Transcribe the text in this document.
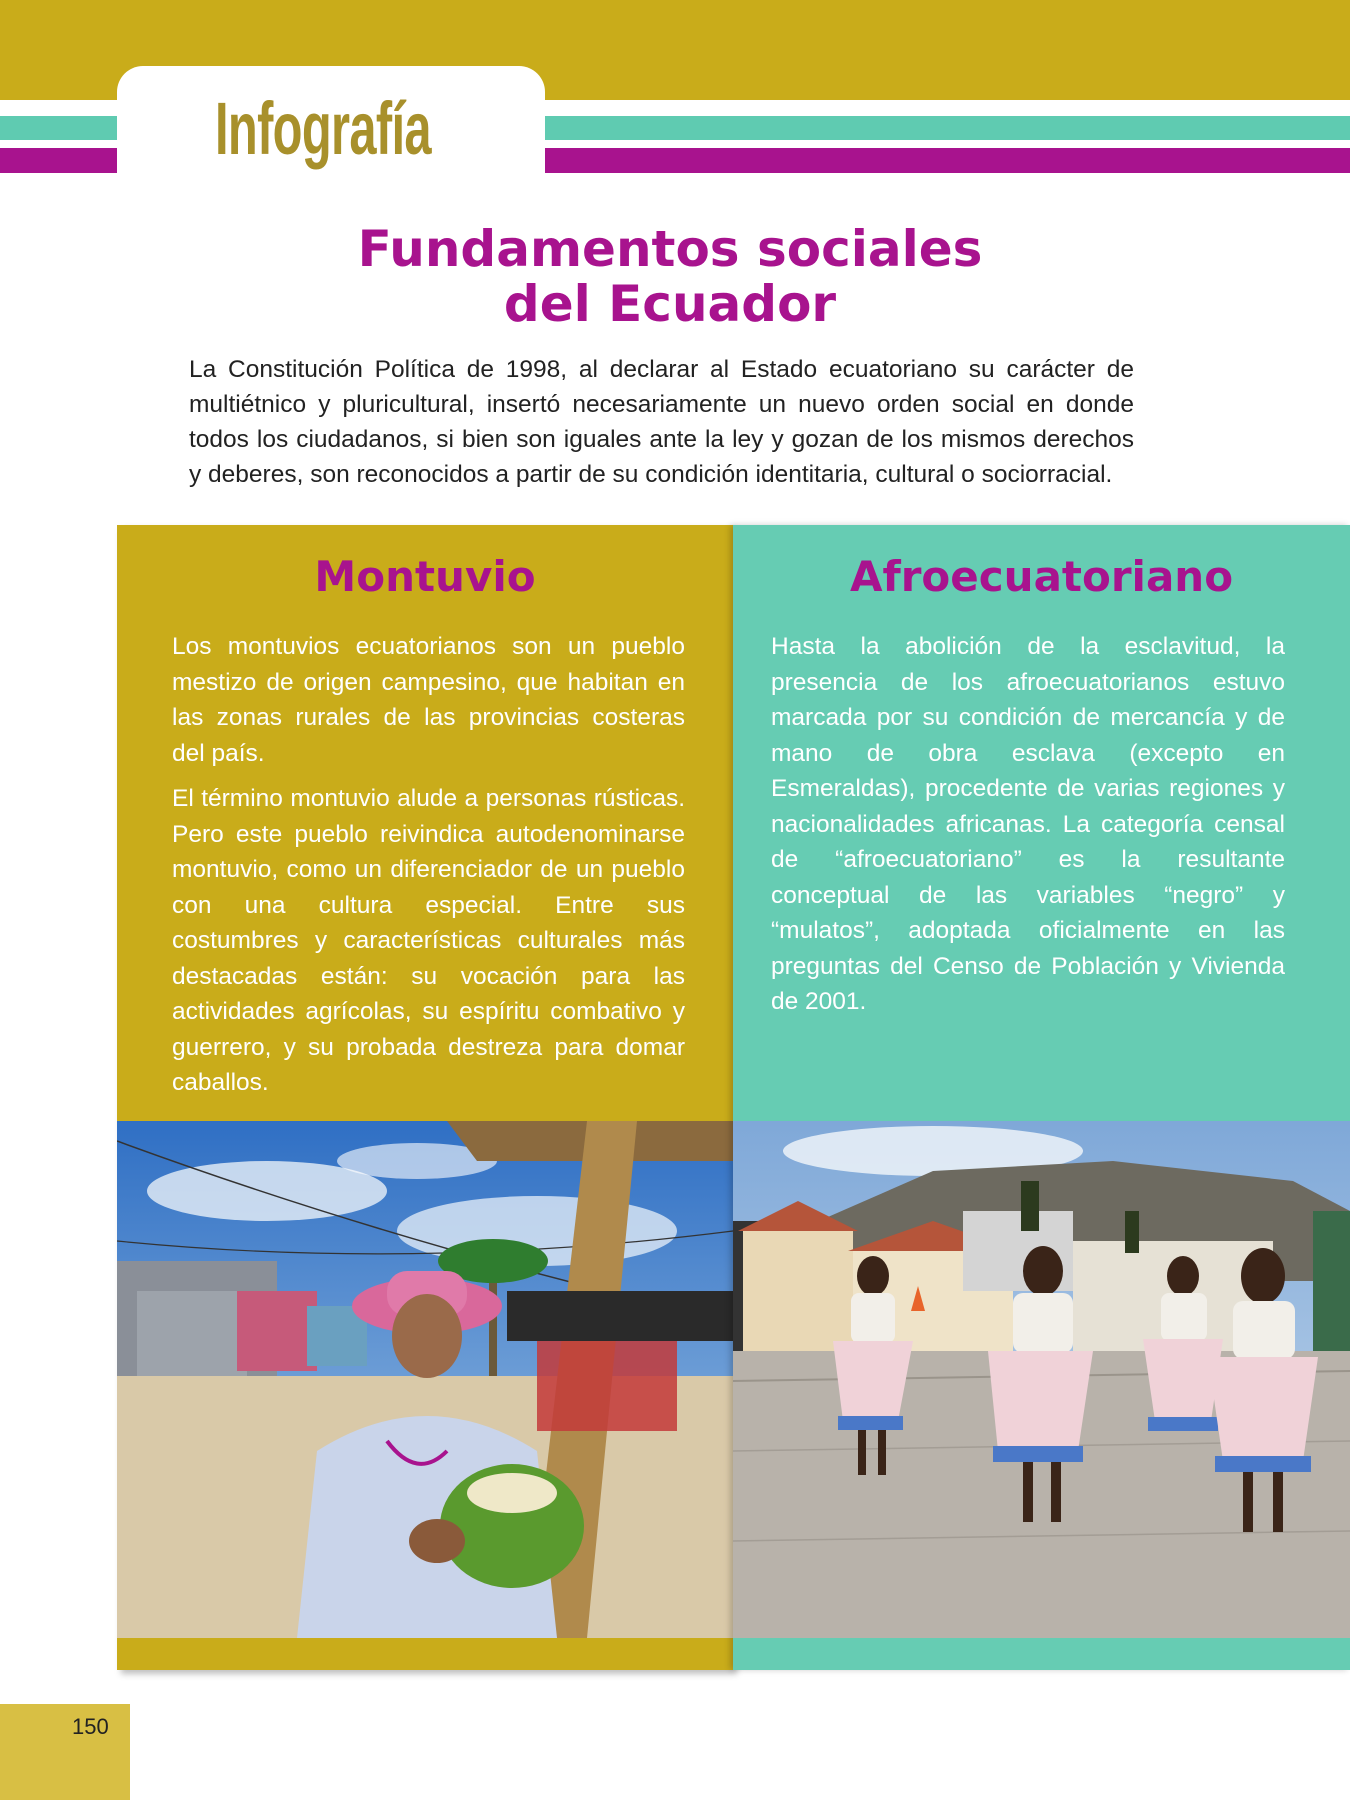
Infografía
Fundamentos sociales
del Ecuador
La Constitución Política de 1998, al declarar al Estado ecuatoriano su carácter de multiétnico y pluricultural, insertó necesariamente un nuevo orden social en donde todos los ciudadanos, si bien son iguales ante la ley y gozan de los mismos derechos y deberes, son reconocidos a partir de su condición identitaria, cultural o sociorracial.
Montuvio

Los montuvios ecuatorianos son un pueblo mestizo de origen campesino, que habitan en las zonas rurales de las provincias costeras del país.

El término montuvio alude a personas rústicas. Pero este pueblo reivindica autodenominarse montuvio, como un diferenciador de un pueblo con una cultura especial. Entre sus costumbres y características culturales más destacadas están: su vocación para las actividades agrícolas, su espíritu combativo y guerrero, y su probada destreza para domar caballos.

Afroecuatoriano

Hasta la abolición de la esclavitud, la presencia de los afroecuatorianos estuvo marcada por su condición de mercancía y de mano de obra esclava (excepto en Esmeraldas), procedente de varias regiones y nacionalidades africanas. La categoría censal de “afroecuatoriano” es la resultante conceptual de las variables “negro” y “mulatos”, adoptada oficialmente en las preguntas del Censo de Población y Vivienda de 2001.

150
